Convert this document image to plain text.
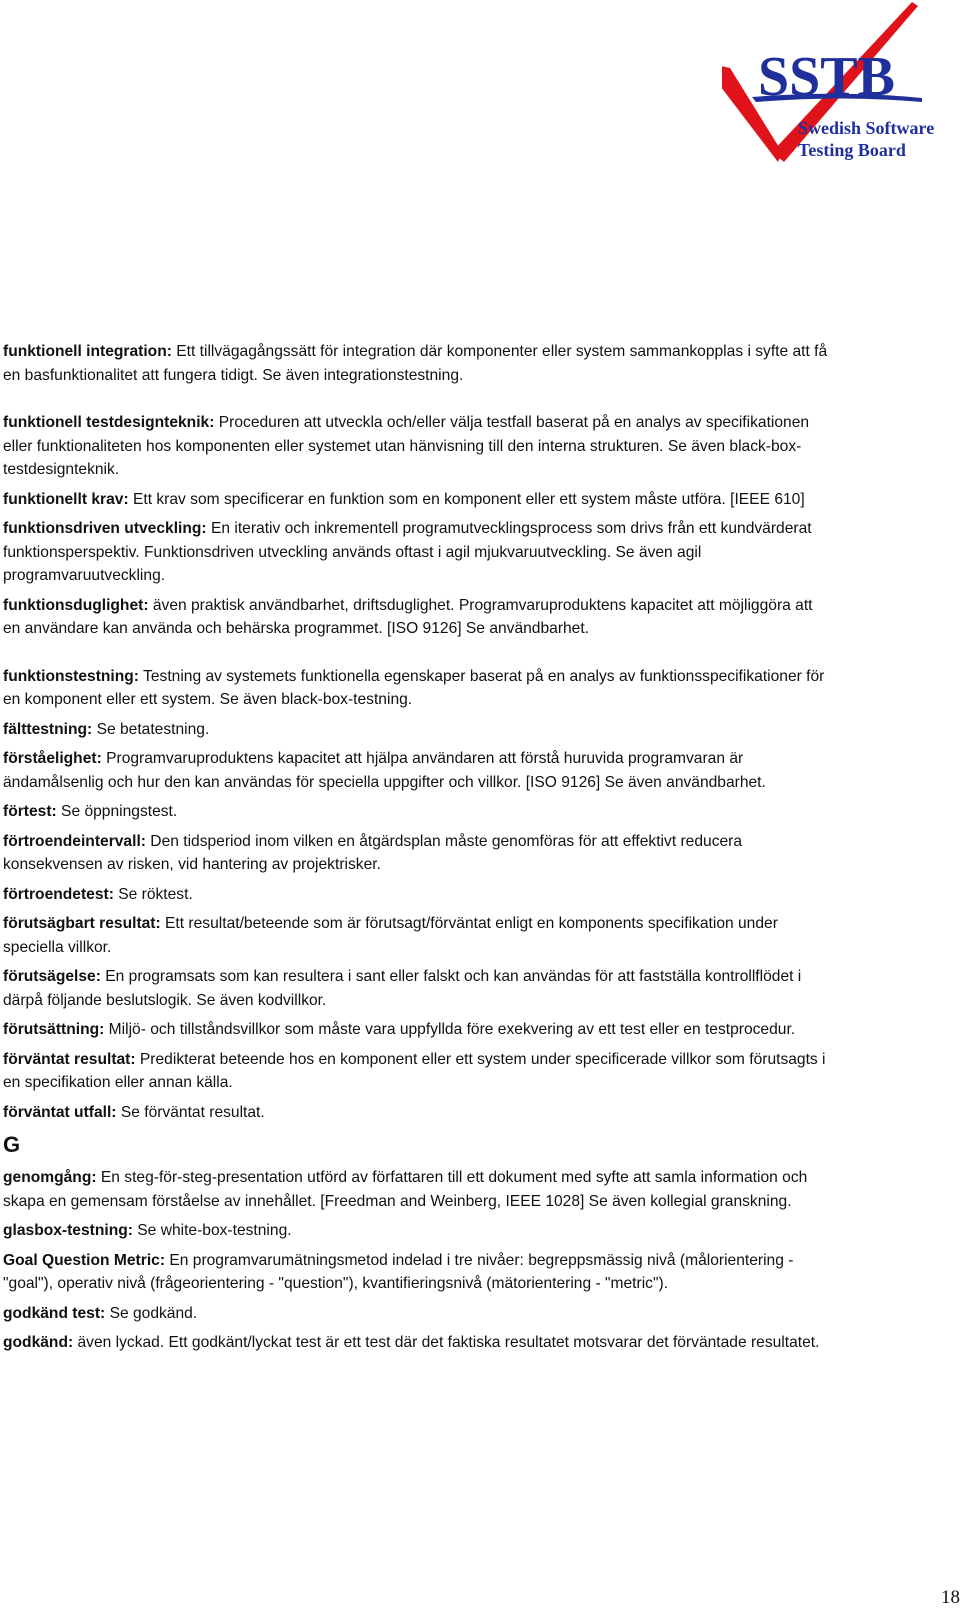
SSTB
Swedish Software
Testing Board

funktionell integration: Ett tillvägagångssätt för integration där komponenter eller system sammankopplas i syfte att få en basfunktionalitet att fungera tidigt. Se även integrationstestning.

funktionell testdesignteknik: Proceduren att utveckla och/eller välja testfall baserat på en analys av specifikationen eller funktionaliteten hos komponenten eller systemet utan hänvisning till den interna strukturen. Se även black-box-testdesignteknik.

funktionellt krav: Ett krav som specificerar en funktion som en komponent eller ett system måste utföra. [IEEE 610]

funktionsdriven utveckling: En iterativ och inkrementell programutvecklingsprocess som drivs från ett kundvärderat funktionsperspektiv. Funktionsdriven utveckling används oftast i agil mjukvaruutveckling. Se även agil programvaruutveckling.

funktionsduglighet: även praktisk användbarhet, driftsduglighet. Programvaruproduktens kapacitet att möjliggöra att en användare kan använda och behärska programmet. [ISO 9126] Se användbarhet.

funktionstestning: Testning av systemets funktionella egenskaper baserat på en analys av funktionsspecifikationer för en komponent eller ett system. Se även black-box-testning.

fälttestning: Se betatestning.

förståelighet: Programvaruproduktens kapacitet att hjälpa användaren att förstå huruvida programvaran är ändamålsenlig och hur den kan användas för speciella uppgifter och villkor. [ISO 9126] Se även användbarhet.

förtest: Se öppningstest.

förtroendeintervall: Den tidsperiod inom vilken en åtgärdsplan måste genomföras för att effektivt reducera konsekvensen av risken, vid hantering av projektrisker.

förtroendetest: Se röktest.

förutsägbart resultat: Ett resultat/beteende som är förutsagt/förväntat enligt en komponents specifikation under speciella villkor.

förutsägelse: En programsats som kan resultera i sant eller falskt och kan användas för att fastställa kontrollflödet i därpå följande beslutslogik. Se även kodvillkor.

förutsättning: Miljö- och tillståndsvillkor som måste vara uppfyllda före exekvering av ett test eller en testprocedur.

förväntat resultat: Predikterat beteende hos en komponent eller ett system under specificerade villkor som förutsagts i en specifikation eller annan källa.

förväntat utfall: Se förväntat resultat.

G

genomgång: En steg-för-steg-presentation utförd av författaren till ett dokument med syfte att samla information och skapa en gemensam förståelse av innehållet. [Freedman and Weinberg, IEEE 1028] Se även kollegial granskning.

glasbox-testning: Se white-box-testning.

Goal Question Metric: En programvarumätningsmetod indelad i tre nivåer: begreppsmässig nivå (målorientering - "goal"), operativ nivå (frågeorientering - "question"), kvantifieringsnivå (mätorientering - "metric").

godkänd test: Se godkänd.

godkänd: även lyckad. Ett godkänt/lyckat test är ett test där det faktiska resultatet motsvarar det förväntade resultatet.

18
